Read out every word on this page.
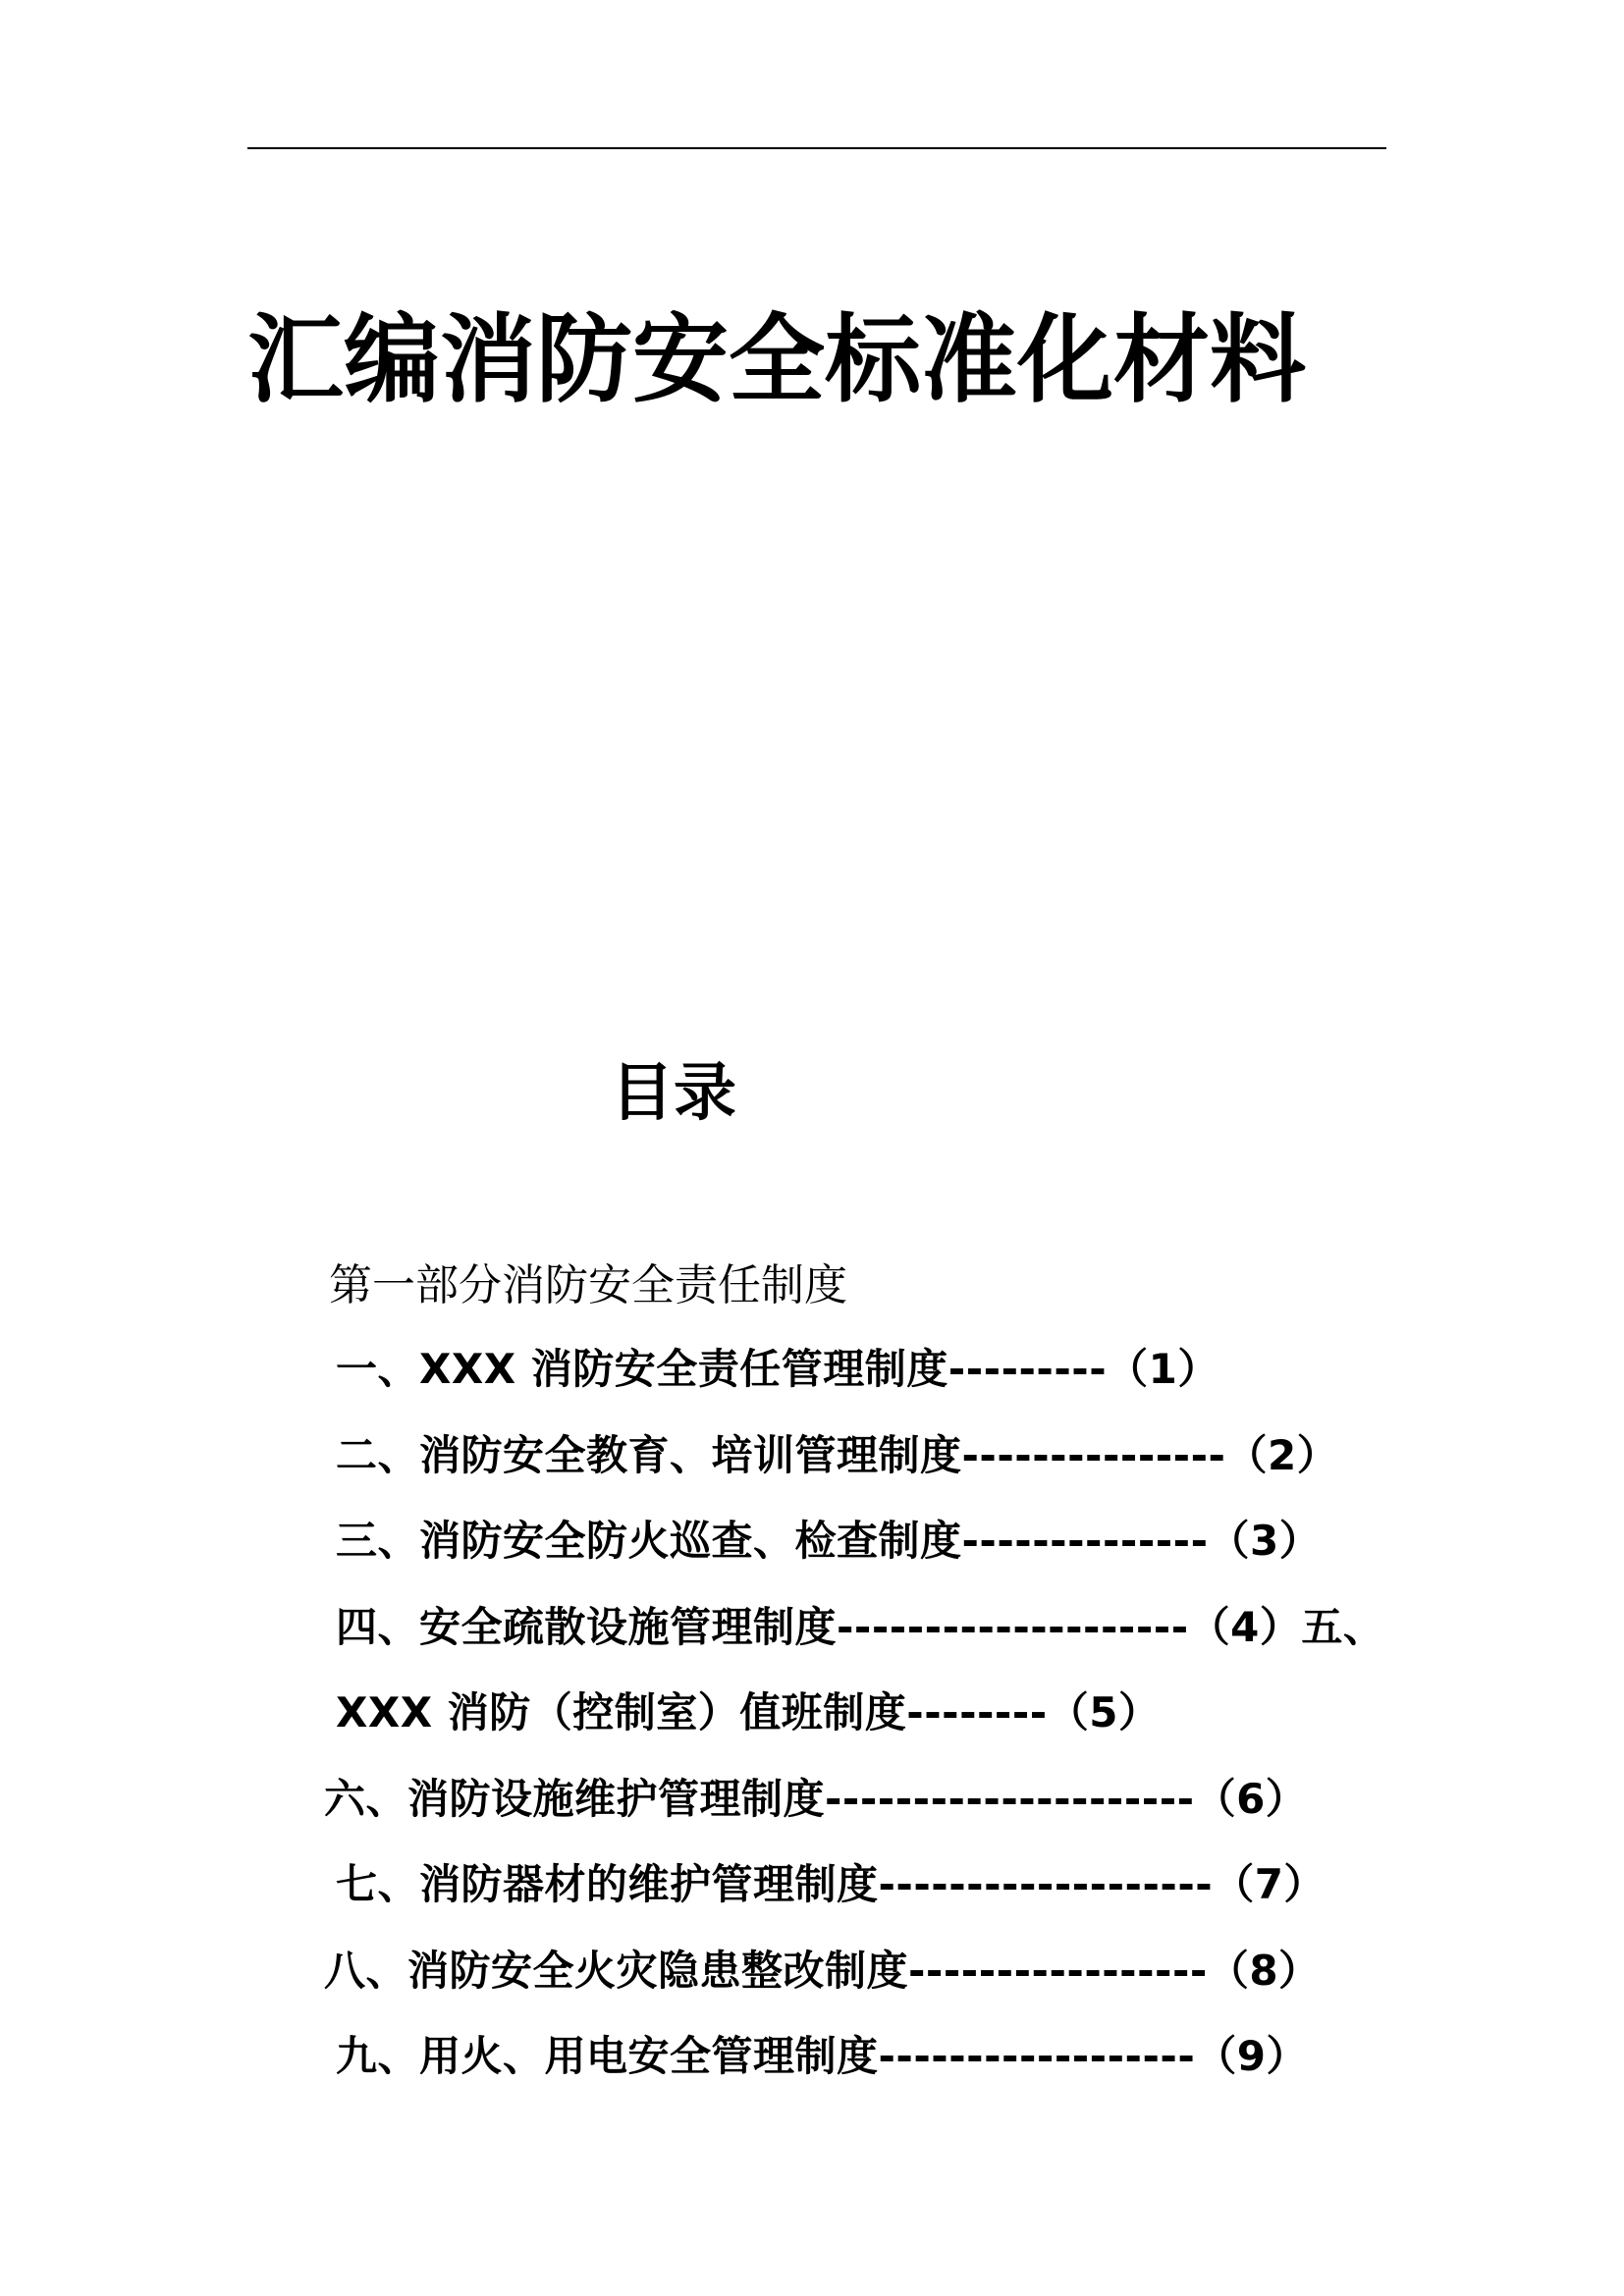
汇编消防安全标准化材料
目录

第一部分消防安全责任制度

一、XXX 消防安全责任管理制度---------（1）

二、消防安全教育、培训管理制度---------------（2）

三、消防安全防火巡查、检查制度--------------（3）

四、安全疏散设施管理制度--------------------（4）五、

XXX 消防（控制室）值班制度--------（5）

六、消防设施维护管理制度---------------------（6）

七、消防器材的维护管理制度-------------------（7）

八、消防安全火灾隐患整改制度-----------------（8）

九、用火、用电安全管理制度------------------（9）
